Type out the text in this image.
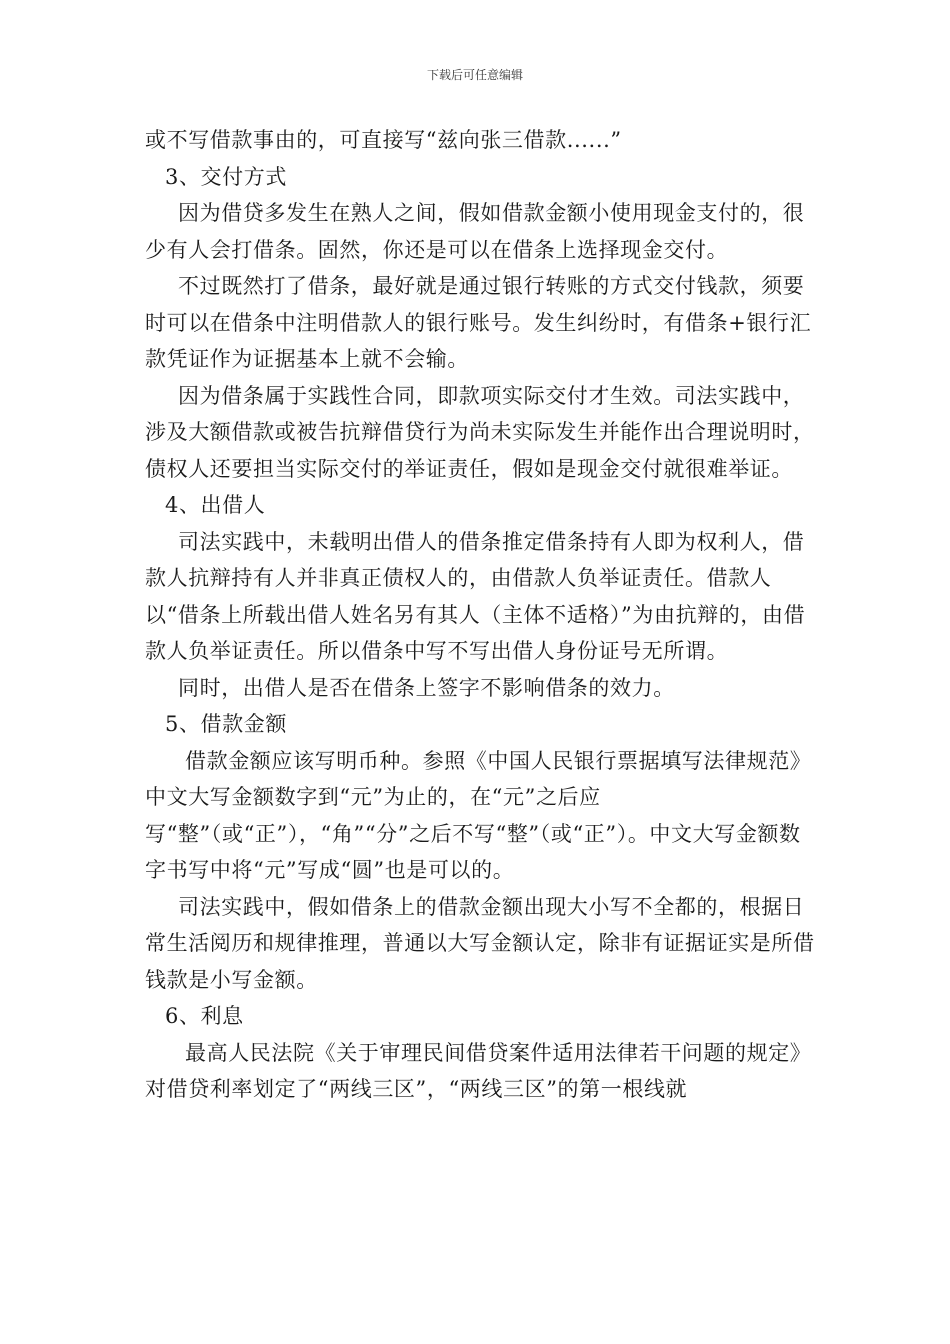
下载后可任意编辑

或不写借款事由的，可直接写“兹向张三借款......”

3、交付方式

因为借贷多发生在熟人之间，假如借款金额小使用现金支付的，很少有人会打借条。固然，你还是可以在借条上选择现金交付。

不过既然打了借条，最好就是通过银行转账的方式交付钱款，须要时可以在借条中注明借款人的银行账号。发生纠纷时，有借条+银行汇款凭证作为证据基本上就不会输。

因为借条属于实践性合同，即款项实际交付才生效。司法实践中，涉及大额借款或被告抗辩借贷行为尚未实际发生并能作出合理说明时，债权人还要担当实际交付的举证责任，假如是现金交付就很难举证。

4、出借人

司法实践中，未载明出借人的借条推定借条持有人即为权利人，借款人抗辩持有人并非真正债权人的，由借款人负举证责任。借款人以“借条上所载出借人姓名另有其人（主体不适格）”为由抗辩的，由借款人负举证责任。所以借条中写不写出借人身份证号无所谓。

同时，出借人是否在借条上签字不影响借条的效力。

5、借款金额

借款金额应该写明币种。参照《中国人民银行票据填写法律规范》中文大写金额数字到“元”为止的，在“元”之后应写“整”（或“正”），“角”“分”之后不写“整”（或“正”）。中文大写金额数字书写中将“元”写成“圆”也是可以的。

司法实践中，假如借条上的借款金额出现大小写不全都的，根据日常生活阅历和规律推理，普通以大写金额认定，除非有证据证实是所借钱款是小写金额。

6、利息

最高人民法院《关于审理民间借贷案件适用法律若干问题的规定》对借贷利率划定了“两线三区”，“两线三区”的第一根线就
